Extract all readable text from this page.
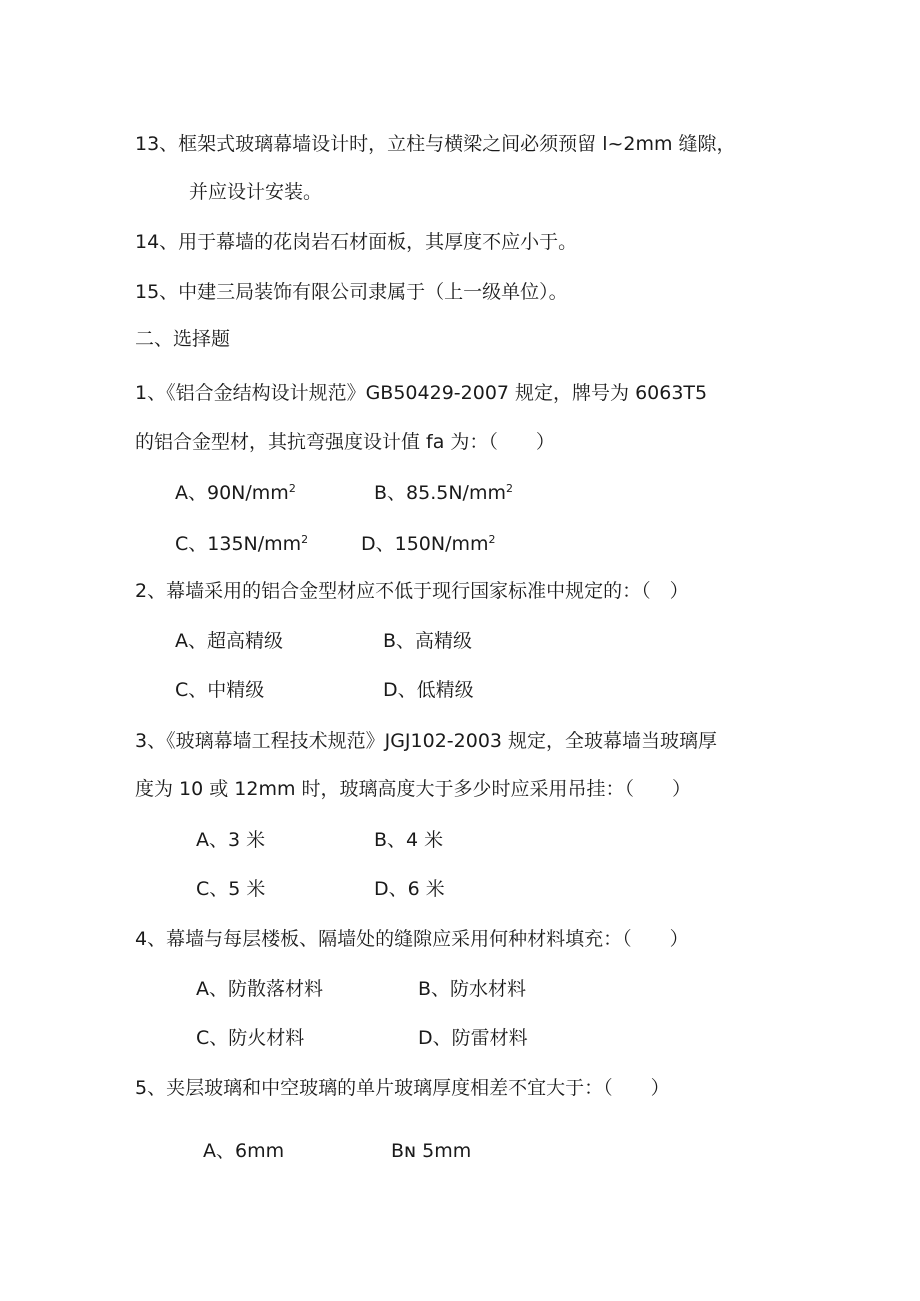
13、框架式玻璃幕墙设计时，立柱与横梁之间必须预留 l~2mm 缝隙，
并应设计安装。
14、用于幕墙的花岗岩石材面板，其厚度不应小于。
15、中建三局装饰有限公司隶属于（上一级单位）。
二、选择题
1、《铝合金结构设计规范》GB50429-2007 规定，牌号为 6063T5
的铝合金型材，其抗弯强度设计值 fa 为：（　　）
A、$90N∕mm^2$	B、$85.5N∕mm^2$
C、$135N∕mm^2$	D、$150N∕mm^2$
2、幕墙采用的铝合金型材应不低于现行国家标准中规定的：（　）
A、超高精级	B、高精级
C、中精级	D、低精级
3、《玻璃幕墙工程技术规范》JGJ102-2003 规定，全玻幕墙当玻璃厚
度为 10 或 12mm 时，玻璃高度大于多少时应采用吊挂：（　　）
A、3 米	B、4 米
C、5 米	D、6 米
4、幕墙与每层楼板、隔墙处的缝隙应采用何种材料填充：（　　）
A、防散落材料	B、防水材料
C、防火材料	D、防雷材料
5、夹层玻璃和中空玻璃的单片玻璃厚度相差不宜大于：（　　）
A、6mm	Bɴ 5mm
